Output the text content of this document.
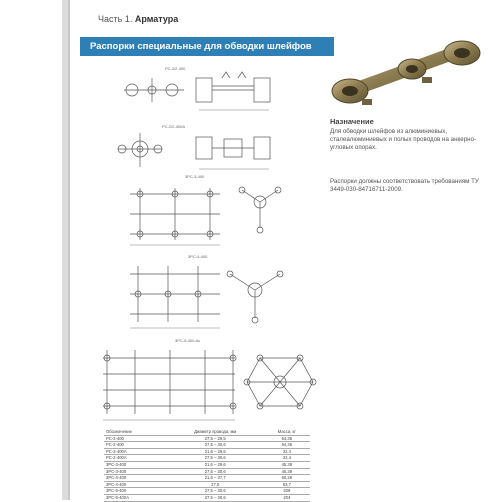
Часть 1. Арматура
Распорки специальные для обводки шлейфов
Назначение
Для обводки шлейфов из алюминиевых, сталеалюминиевых и полых проводов на анкерно-угловых опорах.
Распорки должны соответствовать требованиям ТУ 3449-030-84716711-2009.
РС-2/2-400
РС-2/2-400А
3РС-3-400
3РС-4-400
3РС-5-400-Ac
Обозначение	Диаметр провода, мм	Масса, кг
РС-2-400	27,5 – 29,5	54,36
РС-2-400	27,5 – 30,6	54,36
РС-2-400А	21,6 – 29,6	32,4
РС-2-400А	27,5 – 30,6	32,4
3РС-3-400	21,6 – 29,6	45,38
3РС-3-400	27,5 – 30,6	45,38
3РС-4-400	21,6 – 37,7	60,28
3РС-4-400	27,5	63,7
3РС-5-400	27,5 – 30,6	209
3РС-5-400А	27,5 – 30,6	204
